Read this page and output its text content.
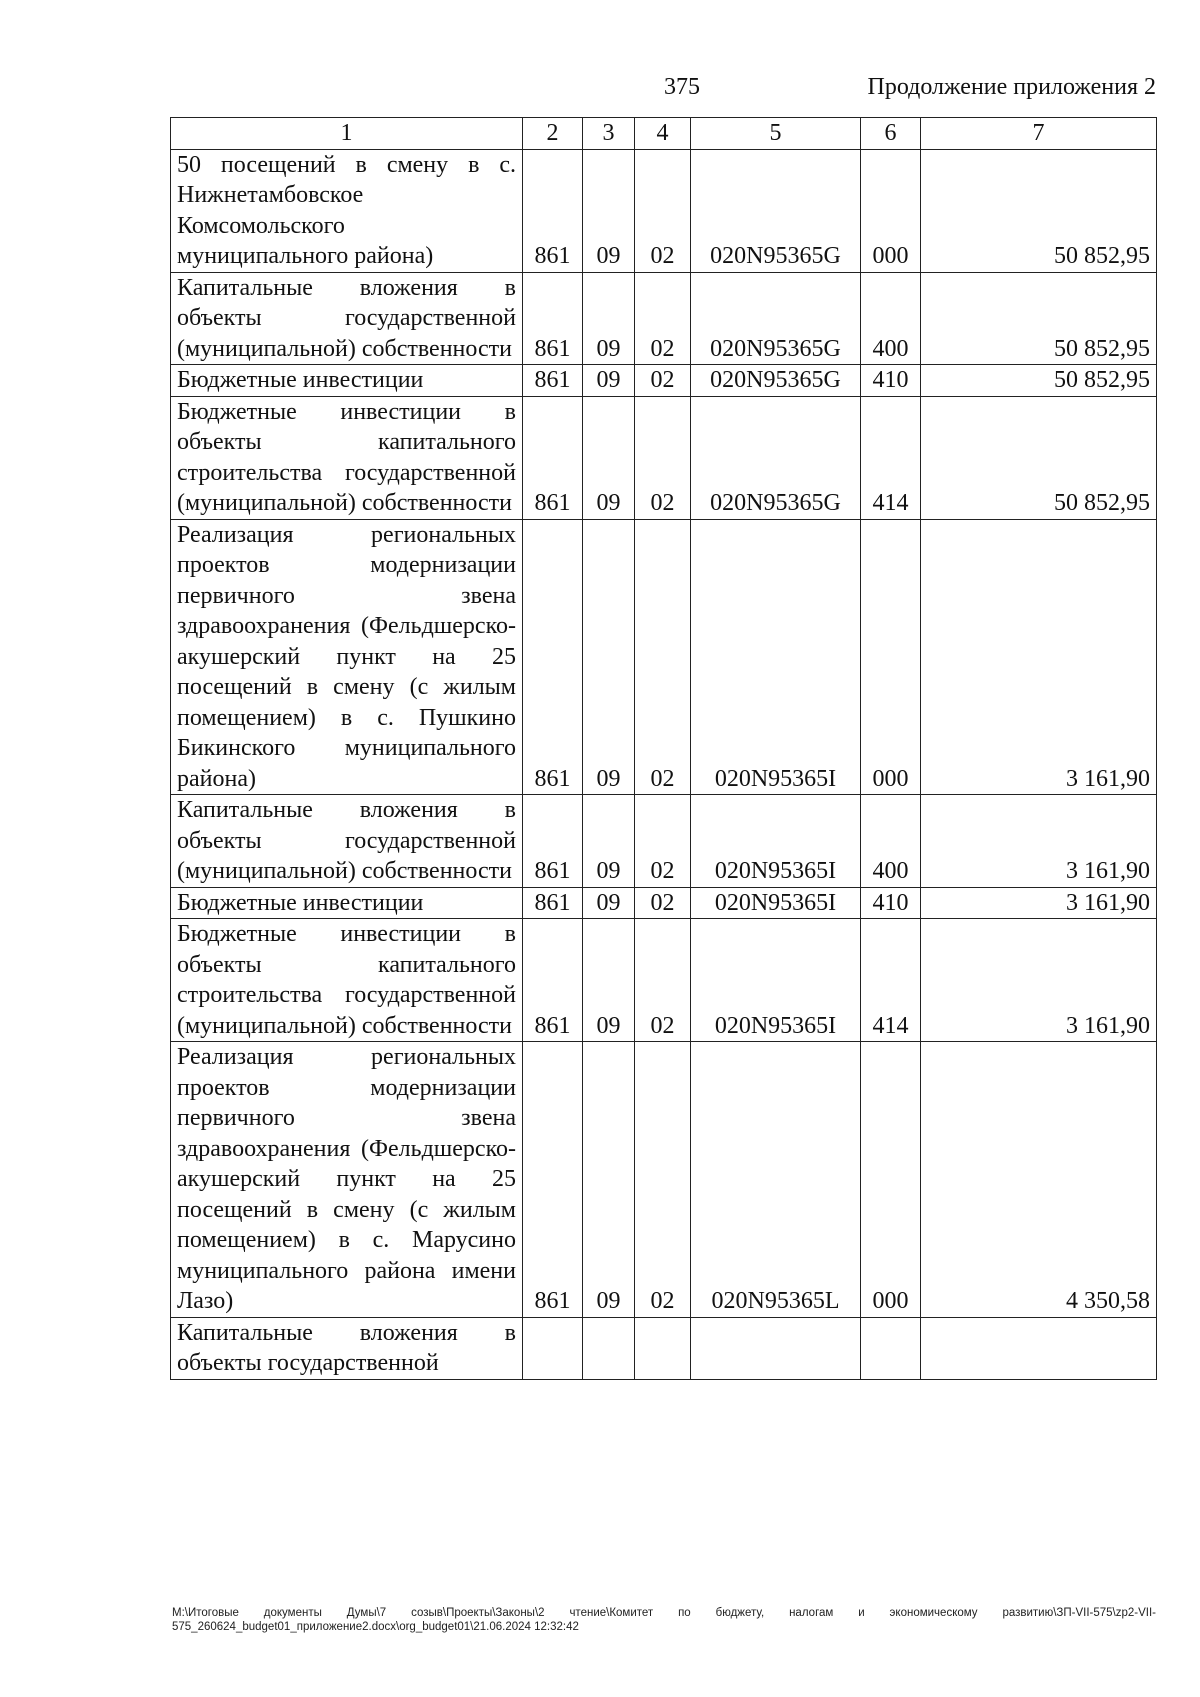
375	Продолжение приложения 2
1	2	3	4	5	6	7
50 посещений в смену в с. Нижнетамбовское Комсомольского муниципального района)	861	09	02	020N95365G	000	50 852,95
Капитальные вложения в объекты государственной (муниципальной) собственности	861	09	02	020N95365G	400	50 852,95
Бюджетные инвестиции	861	09	02	020N95365G	410	50 852,95
Бюджетные инвестиции в объекты капитального строительства государственной (муниципальной) собственности	861	09	02	020N95365G	414	50 852,95
Реализация региональных проектов модернизации первичного звена здравоохранения (Фельдшерско-акушерский пункт на 25 посещений в смену (с жилым помещением) в с. Пушкино Бикинского муниципального района)	861	09	02	020N95365I	000	3 161,90
Капитальные вложения в объекты государственной (муниципальной) собственности	861	09	02	020N95365I	400	3 161,90
Бюджетные инвестиции	861	09	02	020N95365I	410	3 161,90
Бюджетные инвестиции в объекты капитального строительства государственной (муниципальной) собственности	861	09	02	020N95365I	414	3 161,90
Реализация региональных проектов модернизации первичного звена здравоохранения (Фельдшерско-акушерский пункт на 25 посещений в смену (с жилым помещением) в с. Марусино муниципального района имени Лазо)	861	09	02	020N95365L	000	4 350,58
Капитальные вложения в объекты государственной						
M:\Итоговые документы Думы\7 созыв\Проекты\Законы\2 чтение\Комитет по бюджету, налогам и экономическому развитию\ЗП-VII-575\zp2-VII-575_260624_budget01_приложение2.docx\org_budget01\21.06.2024 12:32:42
